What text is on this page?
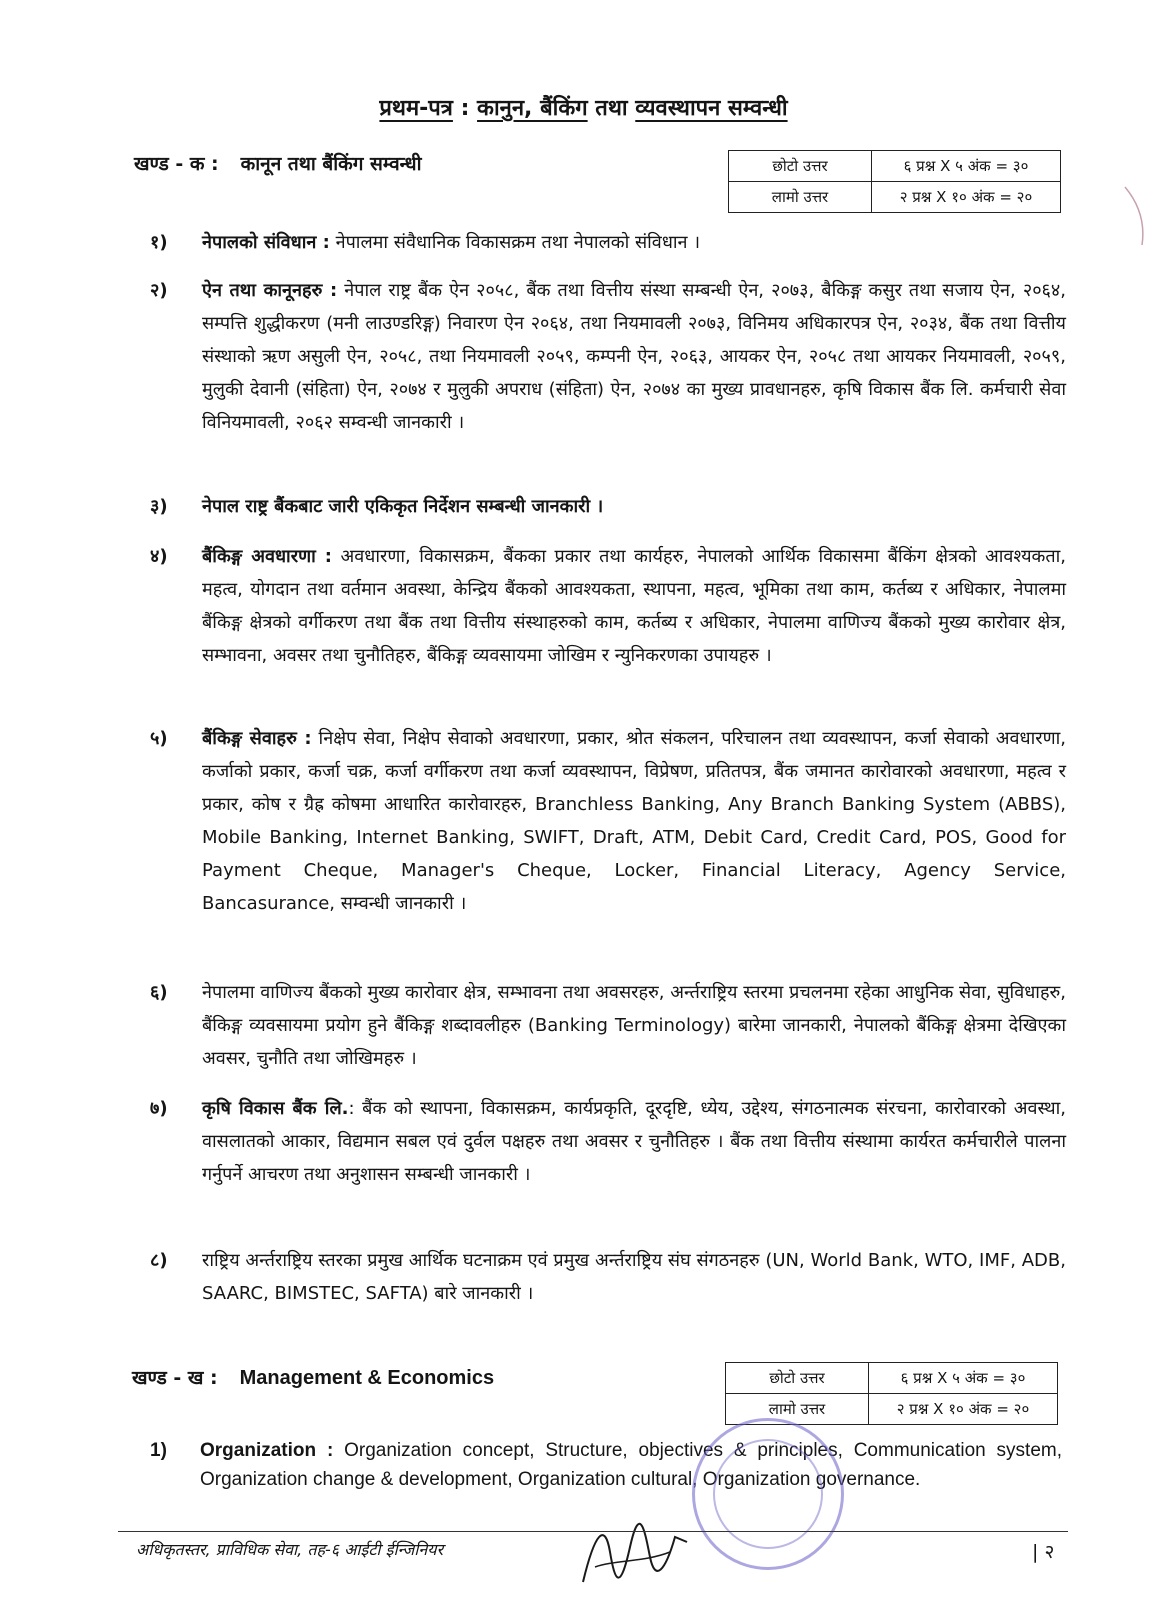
प्रथम-पत्र : कानुन, बैंकिंग तथा व्यवस्थापन सम्वन्धी
खण्ड - क : कानून तथा बैंकिंग सम्वन्धी	छोटो उत्तर	६ प्रश्न X ५ अंक = ३०
लामो उत्तर	२ प्रश्न X १० अंक = २०
१) नेपालको संविधान : नेपालमा संवैधानिक विकासक्रम तथा नेपालको संविधान ।
२) ऐन तथा कानूनहरु : नेपाल राष्ट्र बैंक ऐन २०५८, बैंक तथा वित्तीय संस्था सम्बन्धी ऐन, २०७३, बैकिङ्ग कसुर तथा सजाय ऐन, २०६४, सम्पत्ति शुद्धीकरण (मनी लाउण्डरिङ्ग) निवारण ऐन २०६४, तथा नियमावली २०७३, विनिमय अधिकारपत्र ऐन, २०३४, बैंक तथा वित्तीय संस्थाको ऋण असुली ऐन, २०५८, तथा नियमावली २०५९, कम्पनी ऐन, २०६३, आयकर ऐन, २०५८ तथा आयकर नियमावली, २०५९, मुलुकी देवानी (संहिता) ऐन, २०७४ र मुलुकी अपराध (संहिता) ऐन, २०७४ का मुख्य प्रावधानहरु, कृषि विकास बैंक लि. कर्मचारी सेवा विनियमावली, २०६२ सम्वन्धी जानकारी ।
३) नेपाल राष्ट्र बैंकबाट जारी एकिकृत निर्देशन सम्बन्धी जानकारी ।
४) बैंकिङ्ग अवधारणा : अवधारणा, विकासक्रम, बैंकका प्रकार तथा कार्यहरु, नेपालको आर्थिक विकासमा बैंकिंग क्षेत्रको आवश्यकता, महत्व, योगदान तथा वर्तमान अवस्था, केन्द्रिय बैंकको आवश्यकता, स्थापना, महत्व, भूमिका तथा काम, कर्तब्य र अधिकार, नेपालमा बैंकिङ्ग क्षेत्रको वर्गीकरण तथा बैंक तथा वित्तीय संस्थाहरुको काम, कर्तब्य र अधिकार, नेपालमा वाणिज्य बैंकको मुख्य कारोवार क्षेत्र, सम्भावना, अवसर तथा चुनौतिहरु, बैंकिङ्ग व्यवसायमा जोखिम र न्युनिकरणका उपायहरु ।
५) बैंकिङ्ग सेवाहरु : निक्षेप सेवा, निक्षेप सेवाको अवधारणा, प्रकार, श्रोत संकलन, परिचालन तथा व्यवस्थापन, कर्जा सेवाको अवधारणा, कर्जाको प्रकार, कर्जा चक्र, कर्जा वर्गीकरण तथा कर्जा व्यवस्थापन, विप्रेषण, प्रतितपत्र, बैंक जमानत कारोवारको अवधारणा, महत्व र प्रकार, कोष र ग्रैह्र कोषमा आधारित कारोवारहरु, Branchless Banking, Any Branch Banking System (ABBS), Mobile Banking, Internet Banking, SWIFT, Draft, ATM, Debit Card, Credit Card, POS, Good for Payment Cheque, Manager's Cheque, Locker, Financial Literacy, Agency Service, Bancasurance, सम्वन्धी जानकारी ।
६) नेपालमा वाणिज्य बैंकको मुख्य कारोवार क्षेत्र, सम्भावना तथा अवसरहरु, अर्न्तराष्ट्रिय स्तरमा प्रचलनमा रहेका आधुनिक सेवा, सुविधाहरु, बैंकिङ्ग व्यवसायमा प्रयोग हुने बैंकिङ्ग शब्दावलीहरु (Banking Terminology) बारेमा जानकारी, नेपालको बैंकिङ्ग क्षेत्रमा देखिएका अवसर, चुनौति तथा जोखिमहरु ।
७) कृषि विकास बैंक लि.: बैंक को स्थापना, विकासक्रम, कार्यप्रकृति, दूरदृष्टि, ध्येय, उद्देश्य, संगठनात्मक संरचना, कारोवारको अवस्था, वासलातको आकार, विद्यमान सबल एवं दुर्वल पक्षहरु तथा अवसर र चुनौतिहरु । बैंक तथा वित्तीय संस्थामा कार्यरत कर्मचारीले पालना गर्नुपर्ने आचरण तथा अनुशासन सम्बन्धी जानकारी ।
८) राष्ट्रिय अर्न्तराष्ट्रिय स्तरका प्रमुख आर्थिक घटनाक्रम एवं प्रमुख अर्न्तराष्ट्रिय संघ संगठनहरु (UN, World Bank, WTO, IMF, ADB, SAARC, BIMSTEC, SAFTA) बारे जानकारी ।
खण्ड - ख : Management & Economics	छोटो उत्तर	६ प्रश्न X ५ अंक = ३०
लामो उत्तर	२ प्रश्न X १० अंक = २०
1) Organization : Organization concept, Structure, objectives & principles, Communication system, Organization change & development, Organization cultural, Organization governance.
अधिकृतस्तर, प्राविधिक सेवा, तह-६ आईटी ईन्जिनियर	| २
